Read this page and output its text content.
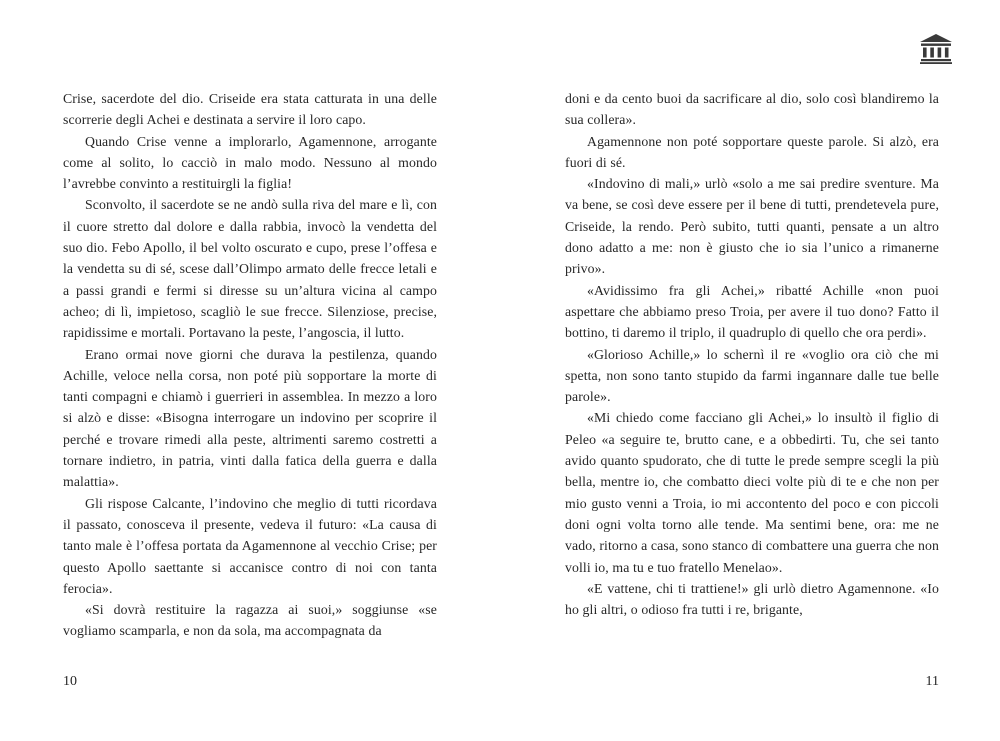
Crise, sacerdote del dio. Criseide era stata catturata in una delle scorrerie degli Achei e destinata a servire il loro capo.

Quando Crise venne a implorarlo, Agamennone, arrogante come al solito, lo cacciò in malo modo. Nessuno al mondo l’avrebbe convinto a restituirgli la figlia!

Sconvolto, il sacerdote se ne andò sulla riva del mare e lì, con il cuore stretto dal dolore e dalla rabbia, invocò la vendetta del suo dio. Febo Apollo, il bel volto oscurato e cupo, prese l’offesa e la vendetta su di sé, scese dall’Olimpo armato delle frecce letali e a passi grandi e fermi si diresse su un’altura vicina al campo acheo; di lì, impietoso, scagliò le sue frecce. Silenziose, precise, rapidissime e mortali. Portavano la peste, l’angoscia, il lutto.

Erano ormai nove giorni che durava la pestilenza, quando Achille, veloce nella corsa, non poté più sopportare la morte di tanti compagni e chiamò i guerrieri in assemblea. In mezzo a loro si alzò e disse: «Bisogna interrogare un indovino per scoprire il perché e trovare rimedi alla peste, altrimenti saremo costretti a tornare indietro, in patria, vinti dalla fatica della guerra e dalla malattia».

Gli rispose Calcante, l’indovino che meglio di tutti ricordava il passato, conosceva il presente, vedeva il futuro: «La causa di tanto male è l’offesa portata da Agamennone al vecchio Crise; per questo Apollo saettante si accanisce contro di noi con tanta ferocia».

«Si dovrà restituire la ragazza ai suoi,» soggiunse «se vogliamo scamparla, e non da sola, ma accompagnata da

doni e da cento buoi da sacrificare al dio, solo così blandiremo la sua collera».

Agamennone non poté sopportare queste parole. Si alzò, era fuori di sé.

«Indovino di mali,» urlò «solo a me sai predire sventure. Ma va bene, se così deve essere per il bene di tutti, prendetevela pure, Criseide, la rendo. Però subito, tutti quanti, pensate a un altro dono adatto a me: non è giusto che io sia l’unico a rimanerne privo».

«Avidissimo fra gli Achei,» ribatté Achille «non puoi aspettare che abbiamo preso Troia, per avere il tuo dono? Fatto il bottino, ti daremo il triplo, il quadruplo di quello che ora perdi».

«Glorioso Achille,» lo schernì il re «voglio ora ciò che mi spetta, non sono tanto stupido da farmi ingannare dalle tue belle parole».

«Mi chiedo come facciano gli Achei,» lo insultò il figlio di Peleo «a seguire te, brutto cane, e a obbedirti. Tu, che sei tanto avido quanto spudorato, che di tutte le prede sempre scegli la più bella, mentre io, che combatto dieci volte più di te e che non per mio gusto venni a Troia, io mi accontento del poco e con piccoli doni ogni volta torno alle tende. Ma sentimi bene, ora: me ne vado, ritorno a casa, sono stanco di combattere una guerra che non volli io, ma tu e tuo fratello Menelao».

«E vattene, chi ti trattiene!» gli urlò dietro Agamennone. «Io ho gli altri, o odioso fra tutti i re, brigante,

10	11
